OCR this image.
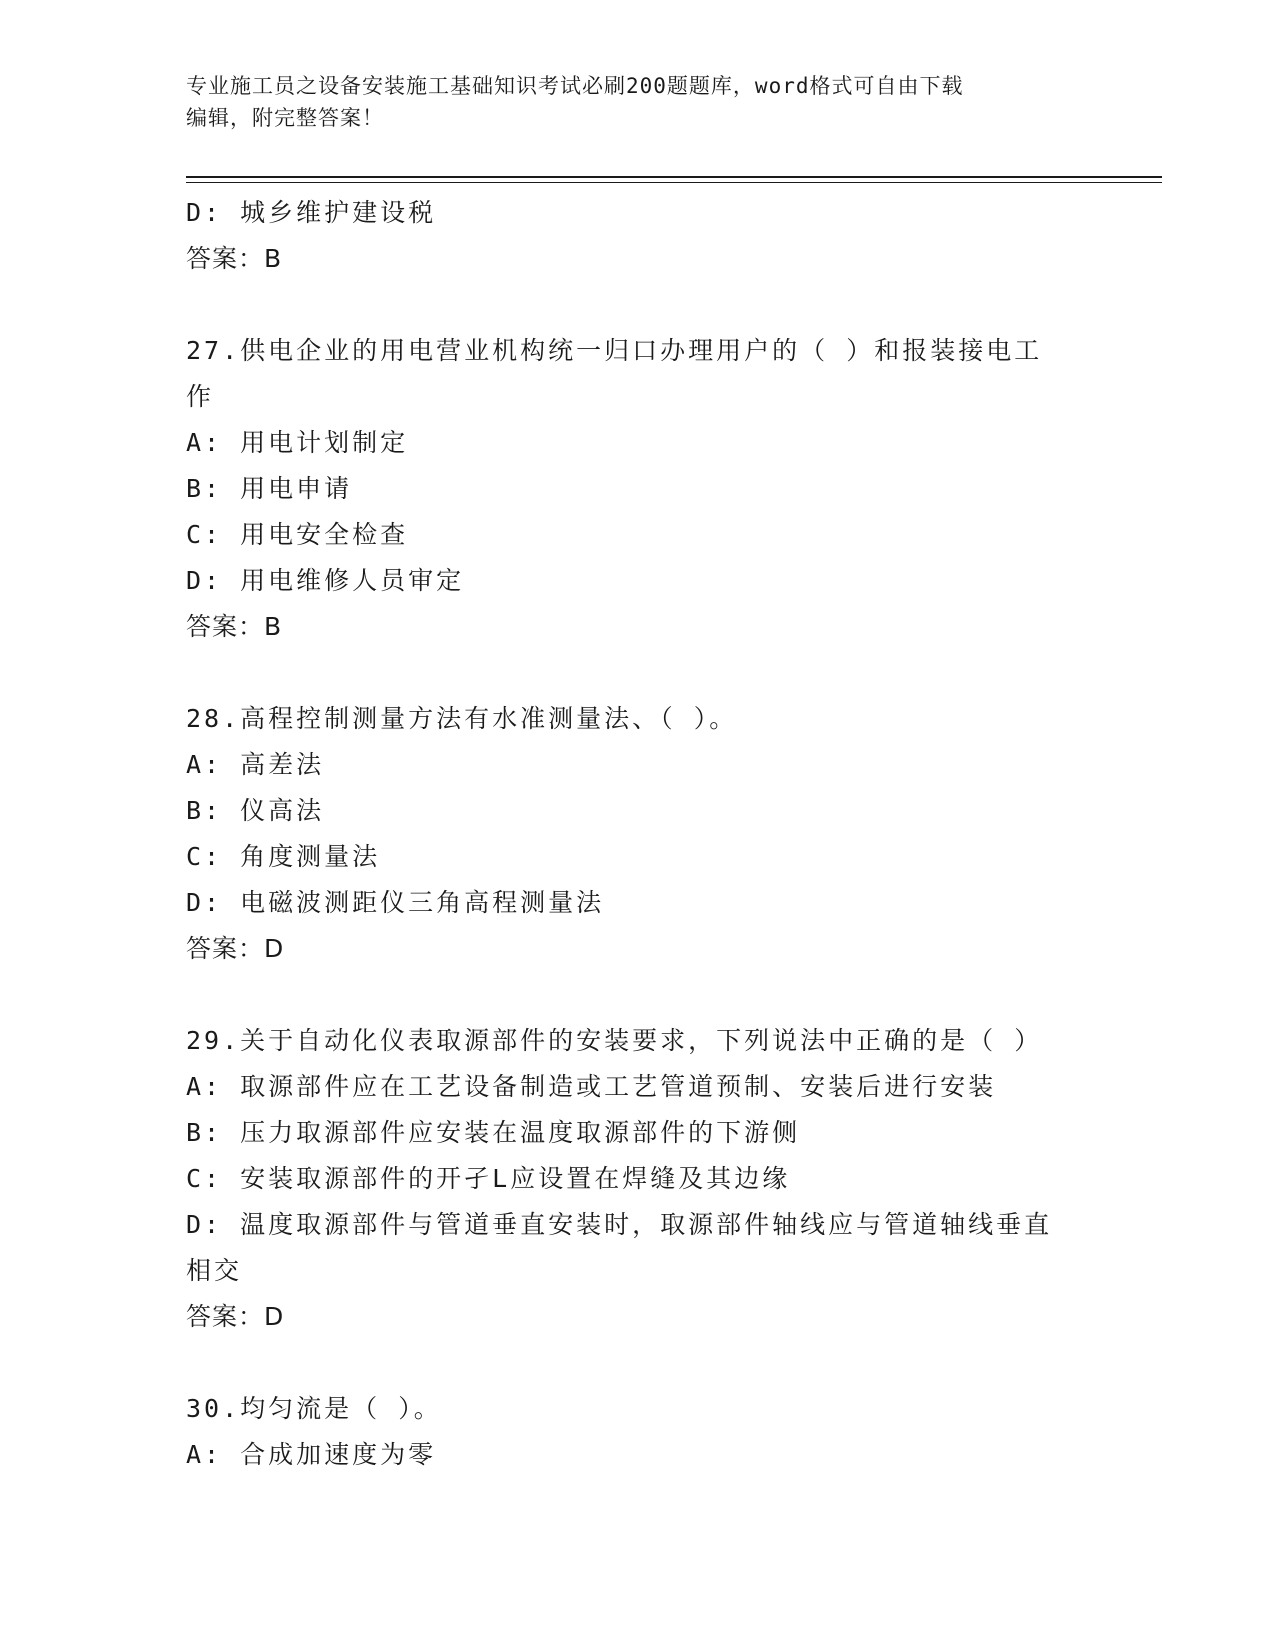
专业施工员之设备安装施工基础知识考试必刷200题题库，word格式可自由下载
编辑，附完整答案！
D: 城乡维护建设税
答案：B
27.供电企业的用电营业机构统一归口办理用户的（ ）和报装接电工
作
A: 用电计划制定
B: 用电申请
C: 用电安全检查
D: 用电维修人员审定
答案：B
28.高程控制测量方法有水准测量法、（ ）。
A: 高差法
B: 仪高法
C: 角度测量法
D: 电磁波测距仪三角高程测量法
答案：D
29.关于自动化仪表取源部件的安装要求，下列说法中正确的是（ ）
A: 取源部件应在工艺设备制造或工艺管道预制、安装后进行安装
B: 压力取源部件应安装在温度取源部件的下游侧
C: 安装取源部件的开孑L应设置在焊缝及其边缘
D: 温度取源部件与管道垂直安装时，取源部件轴线应与管道轴线垂直
相交
答案：D
30.均匀流是（ ）。
A: 合成加速度为零
